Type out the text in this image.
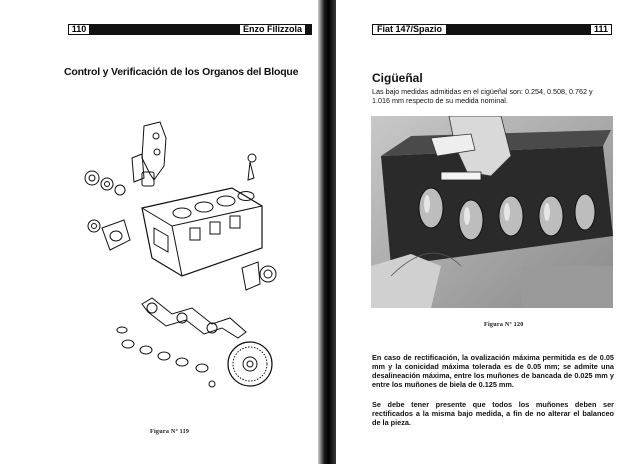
110	Enzo Filizzola	Fiat 147/Spazio	111
Control y Verificación de los Organos del Bloque
Figura Nº 119
Cigüeñal
Las bajo medidas admitidas en el cigüeñal son: 0.254, 0.508, 0.762 y 1.016 mm respecto de su medida nominal.
Figura Nº 120
En caso de rectificación, la ovalización máxima permitida es de 0.05 mm y la conicidad máxima tolerada es de 0.05 mm; se admite una desalineación máxima, entre los muñones de bancada de 0.025 mm y entre los muñones de biela de 0.125 mm.
Se debe tener presente que todos los muñones deben ser rectificados a la misma bajo medida, a fin de no alterar el balanceo de la pieza.
